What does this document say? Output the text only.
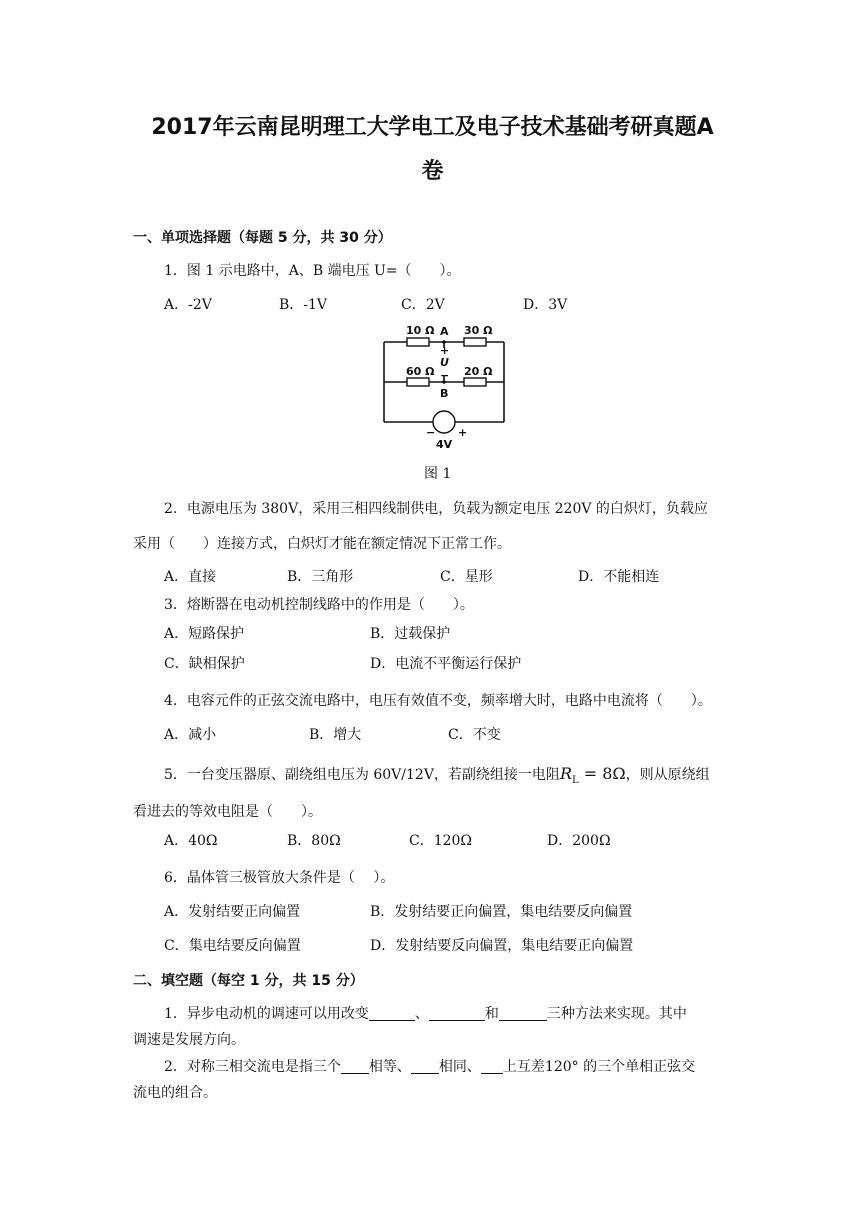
2017年云南昆明理工大学电工及电子技术基础考研真题A
卷
一、单项选择题（每题 5 分，共 30 分）
1．图 1 示电路中，A、B 端电压 U=（　　）。
A．-2V	B．-1V	C．2V	D．3V
10 Ω	30 Ω
60 Ω	20 Ω
A
B
+
U
−
− +
4V
图 1
2．电源电压为 380V，采用三相四线制供电，负载为额定电压 220V 的白炽灯，负载应
采用（　　）连接方式，白炽灯才能在额定情况下正常工作。
A．直接	B．三角形	C．星形	D．不能相连
3．熔断器在电动机控制线路中的作用是（　　）。
A．短路保护	B．过载保护
C．缺相保护	D．电流不平衡运行保护
4．电容元件的正弦交流电路中，电压有效值不变，频率增大时，电路中电流将（　　）。
A．减小	B．增大	C．不变
5．一台变压器原、副绕组电压为 60V/12V，若副绕组接一电阻$R_L = 8\Omega$，则从原绕组
看进去的等效电阻是（　　）。
A．40Ω	B．80Ω	C．120Ω	D．200Ω
6．晶体管三极管放大条件是（ 　）。
A．发射结要正向偏置	B．发射结要正向偏置，集电结要反向偏置
C．集电结要反向偏置	D．发射结要反向偏置，集电结要正向偏置
二、填空题（每空 1 分，共 15 分）
1．异步电动机的调速可以用改变	、	和	三种方法来实现。其中
调速是发展方向。
2．对称三相交流电是指三个 相等、 相同、 上互差120° 的三个单相正弦交
流电的组合。
